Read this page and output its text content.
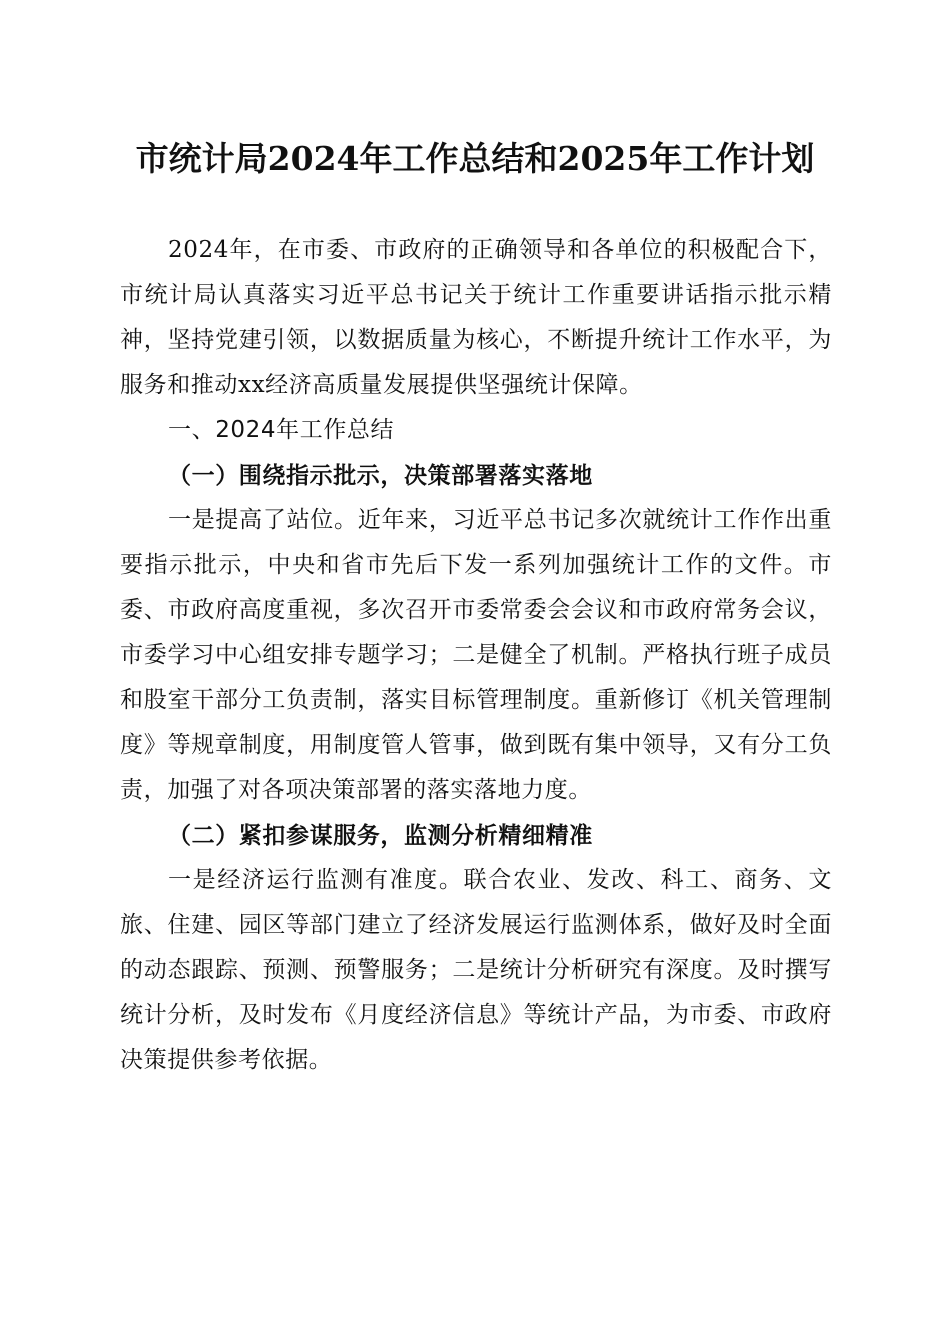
市统计局2024年工作总结和2025年工作计划

2024年，在市委、市政府的正确领导和各单位的积极配合下，市统计局认真落实习近平总书记关于统计工作重要讲话指示批示精神，坚持党建引领，以数据质量为核心，不断提升统计工作水平，为服务和推动xx经济高质量发展提供坚强统计保障。

一、2024年工作总结

（一）围绕指示批示，决策部署落实落地

一是提高了站位。近年来，习近平总书记多次就统计工作作出重要指示批示，中央和省市先后下发一系列加强统计工作的文件。市委、市政府高度重视，多次召开市委常委会会议和市政府常务会议，市委学习中心组安排专题学习；二是健全了机制。严格执行班子成员和股室干部分工负责制，落实目标管理制度。重新修订《机关管理制度》等规章制度，用制度管人管事，做到既有集中领导，又有分工负责，加强了对各项决策部署的落实落地力度。

（二）紧扣参谋服务，监测分析精细精准

一是经济运行监测有准度。联合农业、发改、科工、商务、文旅、住建、园区等部门建立了经济发展运行监测体系，做好及时全面的动态跟踪、预测、预警服务；二是统计分析研究有深度。及时撰写统计分析，及时发布《月度经济信息》等统计产品，为市委、市政府决策提供参考依据。
